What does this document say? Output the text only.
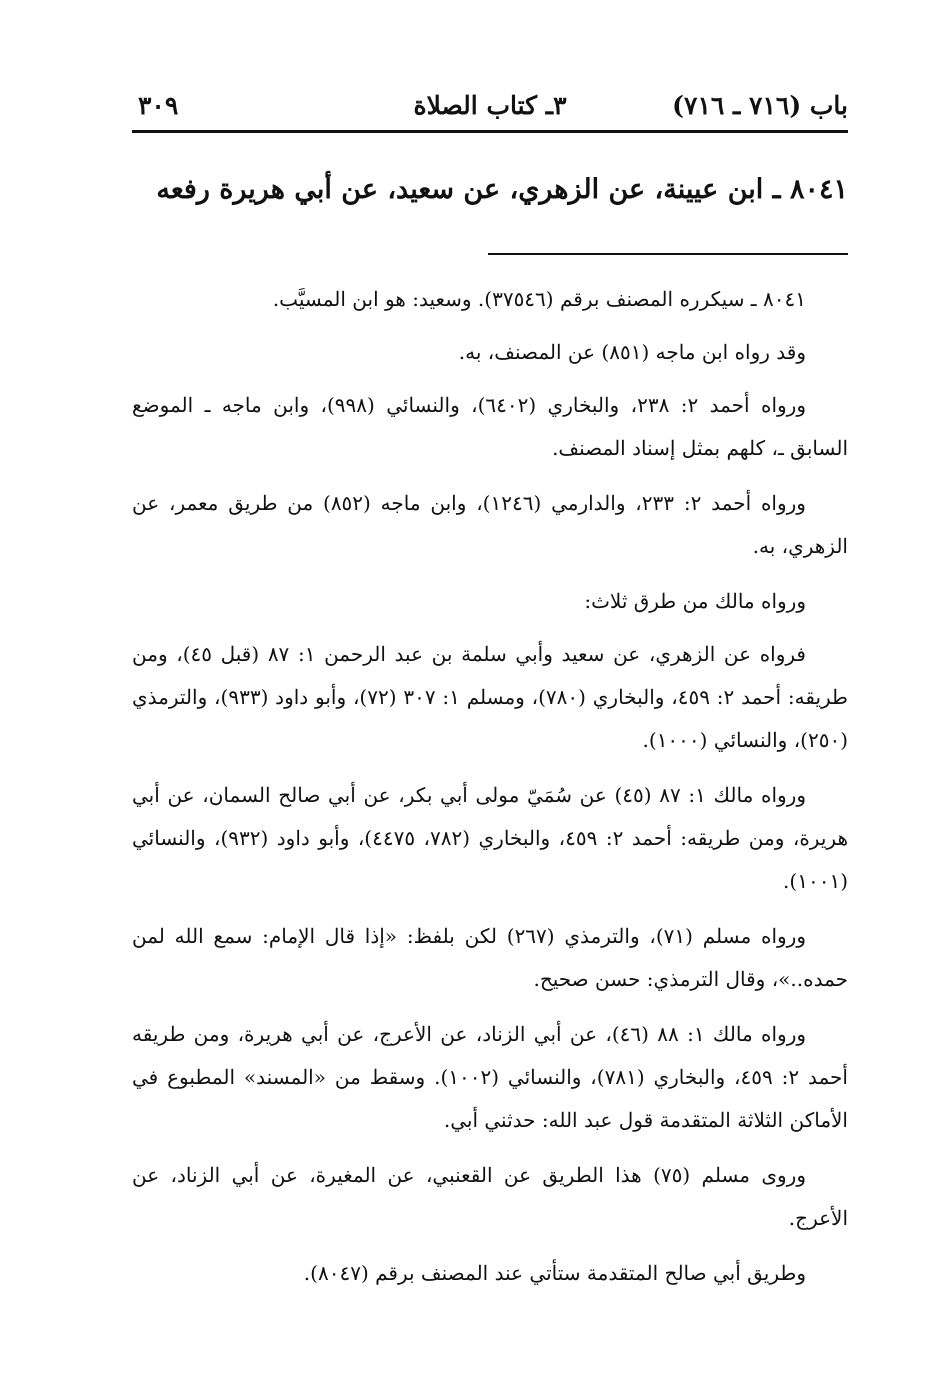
باب (٧١٦ ـ ٧١٦)
٣ـ كتاب الصلاة
٣٠٩
٨٠٤١ ـ ابن عيينة، عن الزهري، عن سعيد، عن أبي هريرة رفعه

٨٠٤١ ـ سيكرره المصنف برقم (٣٧٥٤٦). وسعيد: هو ابن المسيَّب.

وقد رواه ابن ماجه (٨٥١) عن المصنف، به.

ورواه أحمد ٢: ٢٣٨، والبخاري (٦٤٠٢)، والنسائي (٩٩٨)، وابن ماجه ـ الموضع السابق ـ، كلهم بمثل إسناد المصنف.

ورواه أحمد ٢: ٢٣٣، والدارمي (١٢٤٦)، وابن ماجه (٨٥٢) من طريق معمر، عن الزهري، به.

ورواه مالك من طرق ثلاث:

فرواه عن الزهري، عن سعيد وأبي سلمة بن عبد الرحمن ١: ٨٧ (قبل ٤٥)، ومن طريقه: أحمد ٢: ٤٥٩، والبخاري (٧٨٠)، ومسلم ١: ٣٠٧ (٧٢)، وأبو داود (٩٣٣)، والترمذي (٢٥٠)، والنسائي (١٠٠٠).

ورواه مالك ١: ٨٧ (٤٥) عن سُمَيّ مولى أبي بكر، عن أبي صالح السمان، عن أبي هريرة، ومن طريقه: أحمد ٢: ٤٥٩، والبخاري (٧٨٢، ٤٤٧٥)، وأبو داود (٩٣٢)، والنسائي (١٠٠١).

ورواه مسلم (٧١)، والترمذي (٢٦٧) لكن بلفظ: «إذا قال الإمام: سمع الله لمن حمده..»، وقال الترمذي: حسن صحيح.

ورواه مالك ١: ٨٨ (٤٦)، عن أبي الزناد، عن الأعرج، عن أبي هريرة، ومن طريقه أحمد ٢: ٤٥٩، والبخاري (٧٨١)، والنسائي (١٠٠٢). وسقط من «المسند» المطبوع في الأماكن الثلاثة المتقدمة قول عبد الله: حدثني أبي.

وروى مسلم (٧٥) هذا الطريق عن القعنبي، عن المغيرة، عن أبي الزناد، عن الأعرج.

وطريق أبي صالح المتقدمة ستأتي عند المصنف برقم (٨٠٤٧).
